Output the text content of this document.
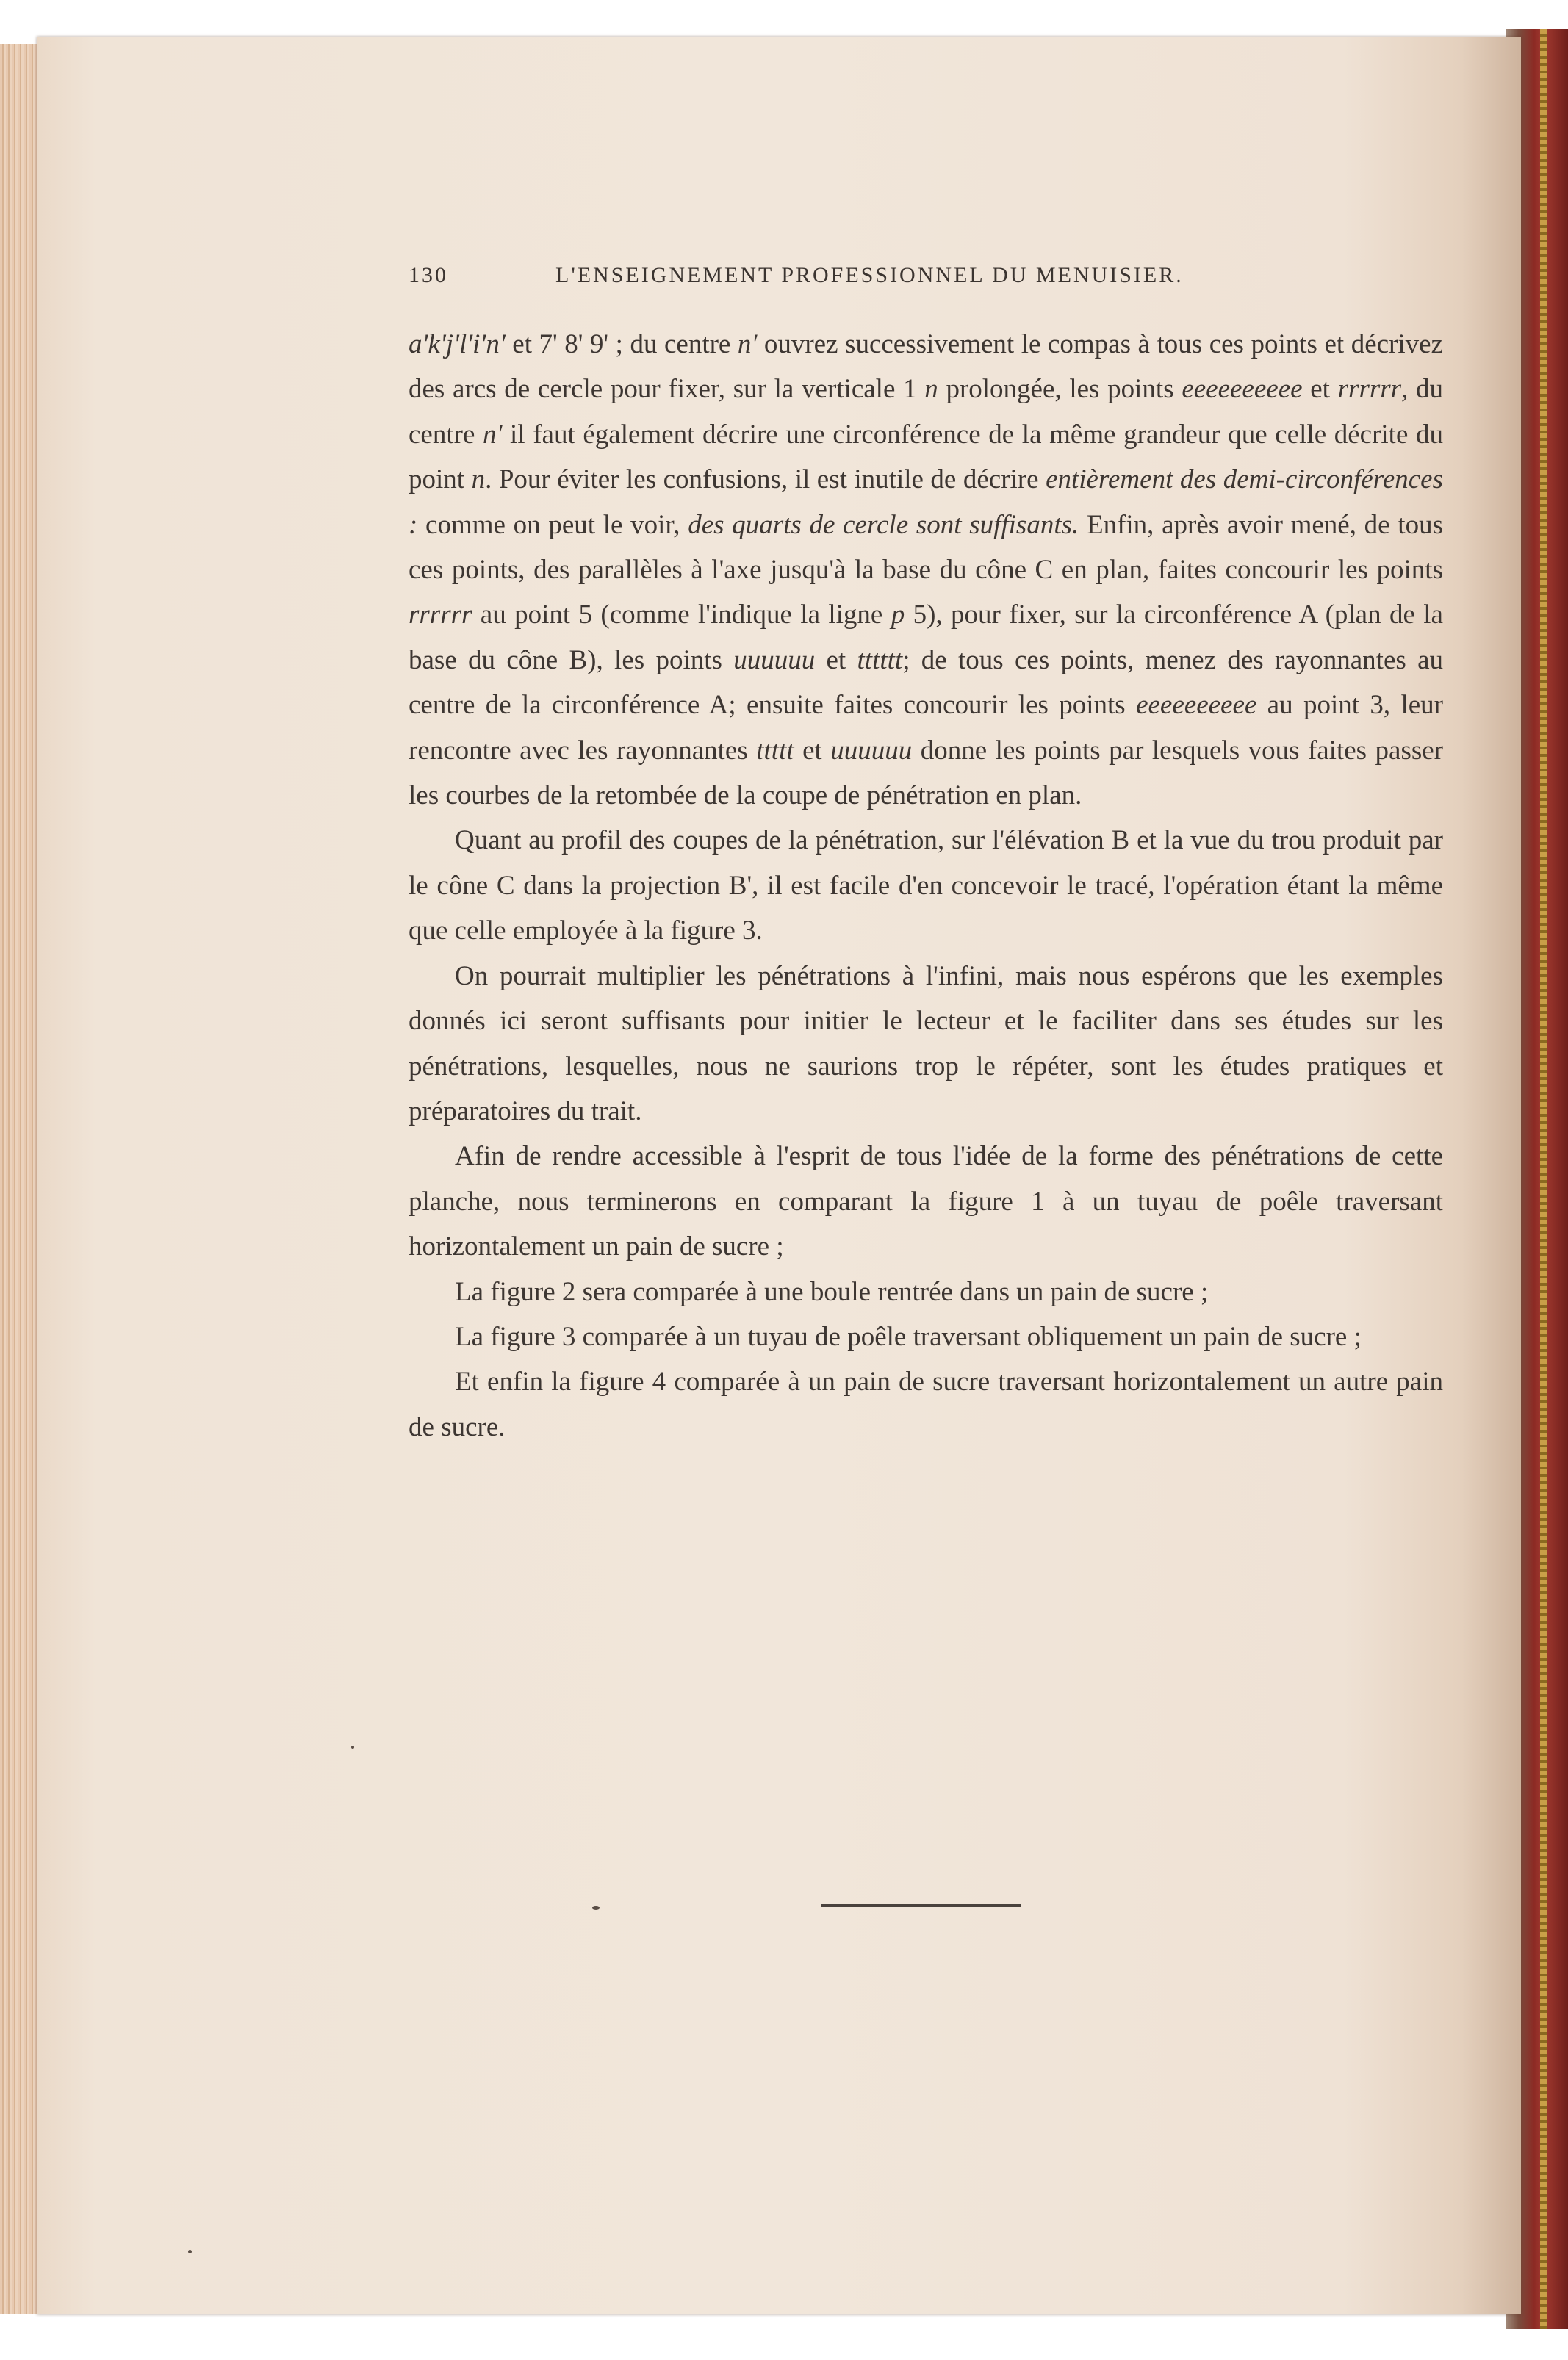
130	L'ENSEIGNEMENT PROFESSIONNEL DU MENUISIER.

a'k'j'l'i'n' et 7' 8' 9' ; du centre n' ouvrez successivement le compas à tous ces points et décrivez des arcs de cercle pour fixer, sur la verticale 1 n prolongée, les points eeeeeeeeee et rrrrrr, du centre n' il faut également décrire une circonférence de la même grandeur que celle décrite du point n. Pour éviter les confusions, il est inutile de décrire entièrement des demi-circonférences : comme on peut le voir, des quarts de cercle sont suffisants. Enfin, après avoir mené, de tous ces points, des parallèles à l'axe jusqu'à la base du cône C en plan, faites concourir les points rrrrrr au point 5 (comme l'indique la ligne p 5), pour fixer, sur la circonférence A (plan de la base du cône B), les points uuuuuu et tttttt; de tous ces points, menez des rayonnantes au centre de la circonférence A; ensuite faites concourir les points eeeeeeeeee au point 3, leur rencontre avec les rayonnantes ttttt et uuuuuu donne les points par lesquels vous faites passer les courbes de la retombée de la coupe de pénétration en plan.

Quant au profil des coupes de la pénétration, sur l'élévation B et la vue du trou produit par le cône C dans la projection B', il est facile d'en concevoir le tracé, l'opération étant la même que celle employée à la figure 3.

On pourrait multiplier les pénétrations à l'infini, mais nous espérons que les exemples donnés ici seront suffisants pour initier le lecteur et le faciliter dans ses études sur les pénétrations, lesquelles, nous ne saurions trop le répéter, sont les études pratiques et préparatoires du trait.

Afin de rendre accessible à l'esprit de tous l'idée de la forme des pénétrations de cette planche, nous terminerons en comparant la figure 1 à un tuyau de poêle traversant horizontalement un pain de sucre ;

La figure 2 sera comparée à une boule rentrée dans un pain de sucre ;

La figure 3 comparée à un tuyau de poêle traversant obliquement un pain de sucre ;

Et enfin la figure 4 comparée à un pain de sucre traversant horizontalement un autre pain de sucre.
